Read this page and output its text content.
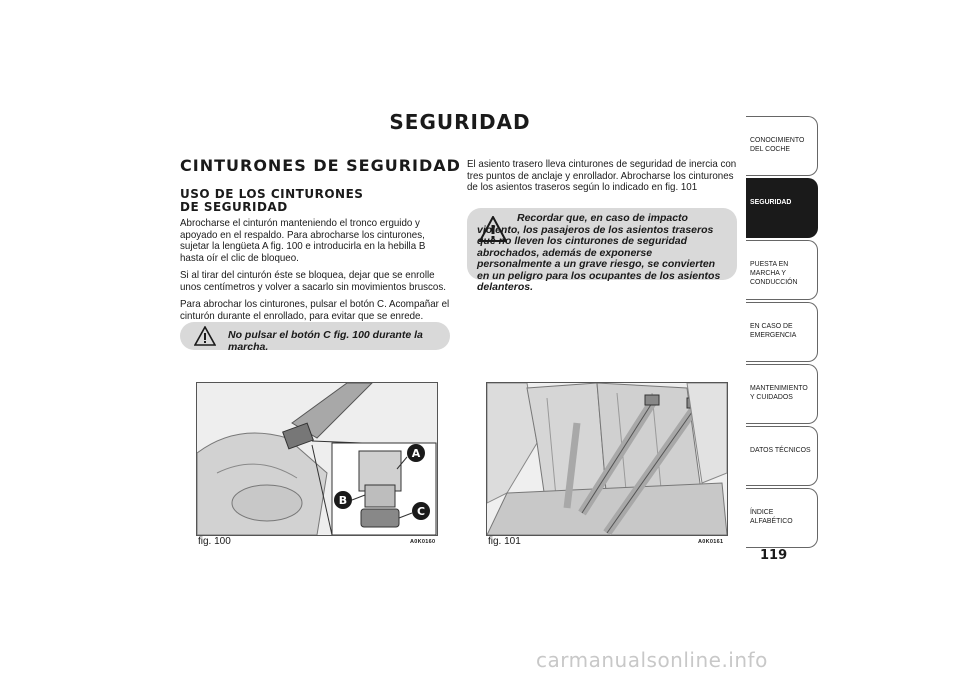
SEGURIDAD
CINTURONES DE SEGURIDAD
USO DE LOS CINTURONES
DE SEGURIDAD

Abrocharse el cinturón manteniendo el tronco erguido y apoyado en el respaldo. Para abrocharse los cinturones, sujetar la lengüeta A fig. 100 e introducirla en la hebilla B hasta oír el clic de bloqueo.

Si al tirar del cinturón éste se bloquea, dejar que se enrolle unos centímetros y volver a sacarlo sin movimientos bruscos.

Para abrochar los cinturones, pulsar el botón C. Acompañar el cinturón durante el enrollado, para evitar que se enrede.

No pulsar el botón C fig. 100 durante la marcha.

El asiento trasero lleva cinturones de seguridad de inercia con tres puntos de anclaje y enrollador. Abrocharse los cinturones de los asientos traseros según lo indicado en fig. 101

Recordar que, en caso de impacto violento, los pasajeros de los asientos traseros que no lleven los cinturones de seguridad abrochados, además de exponerse personalmente a un grave riesgo, se convierten en un peligro para los ocupantes de los asientos delanteros.
A
B
C
fig. 100	A0K0160	fig. 101	A0K0161
CONOCIMIENTO DEL COCHE
SEGURIDAD
PUESTA EN MARCHA Y CONDUCCIÓN
EN CASO DE EMERGENCIA
MANTENIMIENTO Y CUIDADOS
DATOS TÉCNICOS
ÍNDICE ALFABÉTICO
119
carmanualsonline.info
